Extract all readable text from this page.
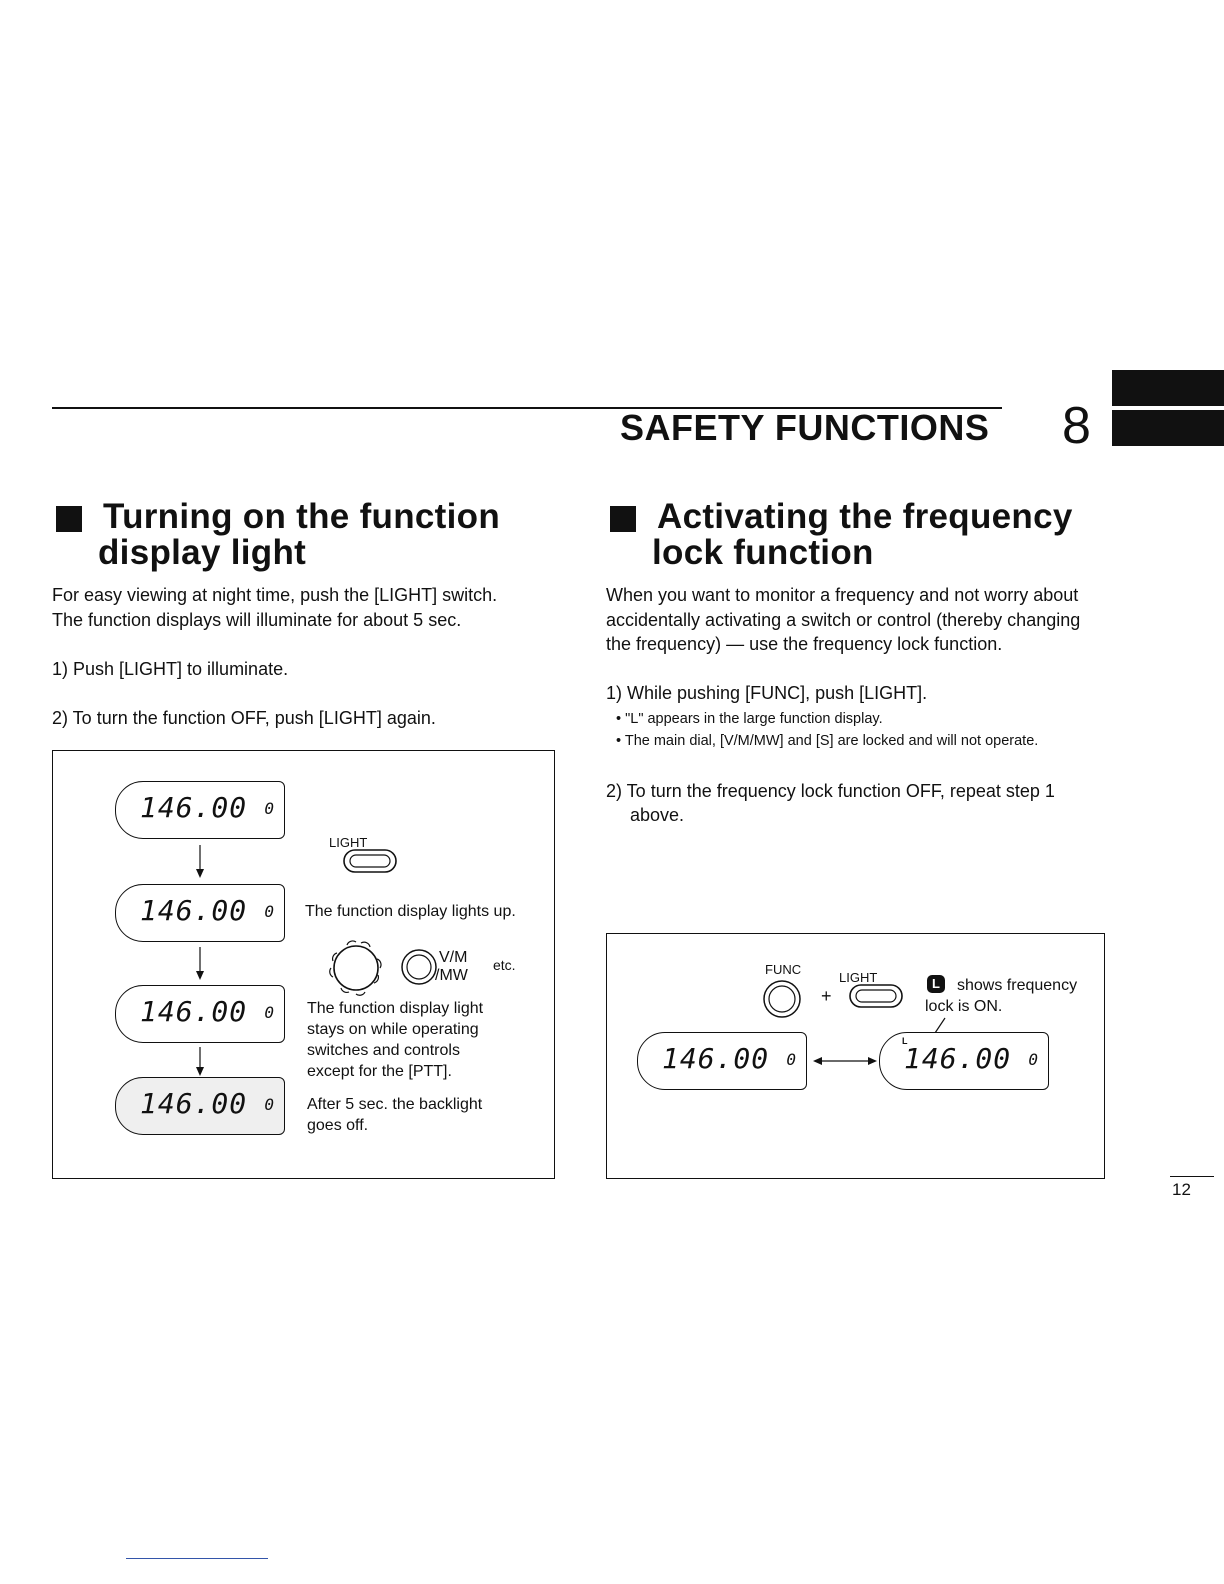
SAFETY FUNCTIONS 8
Turning on the function
display light
For easy viewing at night time, push the [LIGHT] switch.
The function displays will illuminate for about 5 sec.
1) Push [LIGHT] to illuminate.
2) To turn the function OFF, push [LIGHT] again.
146.00 0
146.00 0
146.00 0
146.00 0
LIGHT
The function display lights up.
V/M
/MW
etc.
The function display light
stays on while operating
switches and controls
except for the [PTT].
After 5 sec. the backlight
goes off.
Activating the frequency
lock function
When you want to monitor a frequency and not worry about
accidentally activating a switch or control (thereby changing
the frequency) — use the frequency lock function.
1) While pushing [FUNC], push [LIGHT].
• "L" appears in the large function display.
• The main dial, [V/M/MW] and [S] are locked and will not operate.
2) To turn the frequency lock function OFF, repeat step 1
above.
FUNC
+
LIGHT	L	shows frequency
lock is ON.
146.00 0
L
146.00 0
12
